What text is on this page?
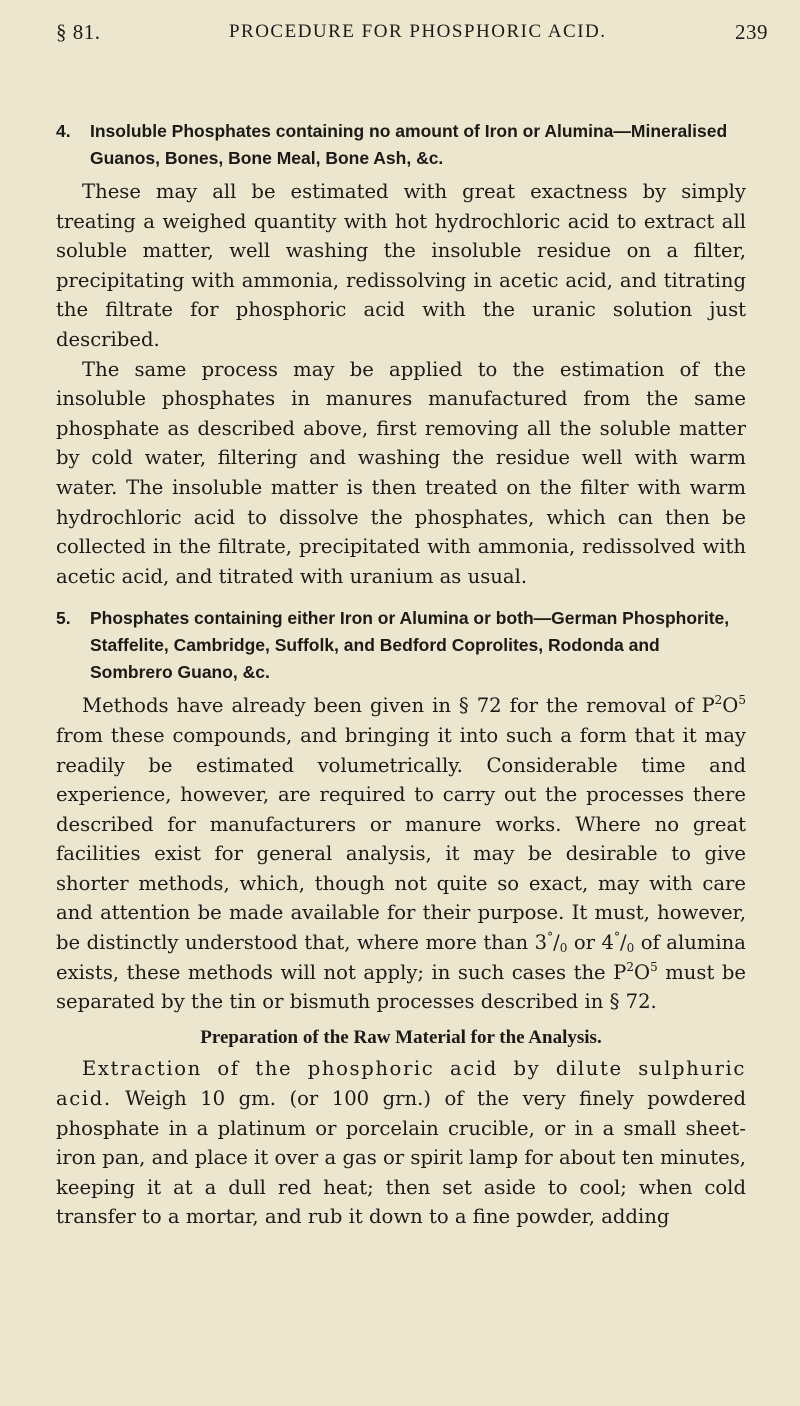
§ 81.	PROCEDURE FOR PHOSPHORIC ACID.	239
4. Insoluble Phosphates containing no amount of Iron or Alumina—Mineralised Guanos, Bones, Bone Meal, Bone Ash, &c.

These may all be estimated with great exactness by simply treating a weighed quantity with hot hydrochloric acid to extract all soluble matter, well washing the insoluble residue on a filter, precipitating with ammonia, redissolving in acetic acid, and titrating the filtrate for phosphoric acid with the uranic solution just described.

The same process may be applied to the estimation of the insoluble phosphates in manures manufactured from the same phosphate as described above, first removing all the soluble matter by cold water, filtering and washing the residue well with warm water. The insoluble matter is then treated on the filter with warm hydrochloric acid to dissolve the phosphates, which can then be collected in the filtrate, precipitated with ammonia, redissolved with acetic acid, and titrated with uranium as usual.

5. Phosphates containing either Iron or Alumina or both—German Phosphorite, Staffelite, Cambridge, Suffolk, and Bedford Coprolites, Rodonda and Sombrero Guano, &c.

Methods have already been given in § 72 for the removal of $P^2O^5$ from these compounds, and bringing it into such a form that it may readily be estimated volumetrically. Considerable time and experience, however, are required to carry out the processes there described for manufacturers or manure works. Where no great facilities exist for general analysis, it may be desirable to give shorter methods, which, though not quite so exact, may with care and attention be made available for their purpose. It must, however, be distinctly understood that, where more than $3^\circ/_0$ or $4^\circ/_0$ of alumina exists, these methods will not apply; in such cases the $P^2O^5$ must be separated by the tin or bismuth processes described in § 72.

Preparation of the Raw Material for the Analysis.

Extraction of the phosphoric acid by dilute sulphuric acid. Weigh 10 gm. (or 100 grn.) of the very finely powdered phosphate in a platinum or porcelain crucible, or in a small sheet-iron pan, and place it over a gas or spirit lamp for about ten minutes, keeping it at a dull red heat; then set aside to cool; when cold transfer to a mortar, and rub it down to a fine powder, adding
